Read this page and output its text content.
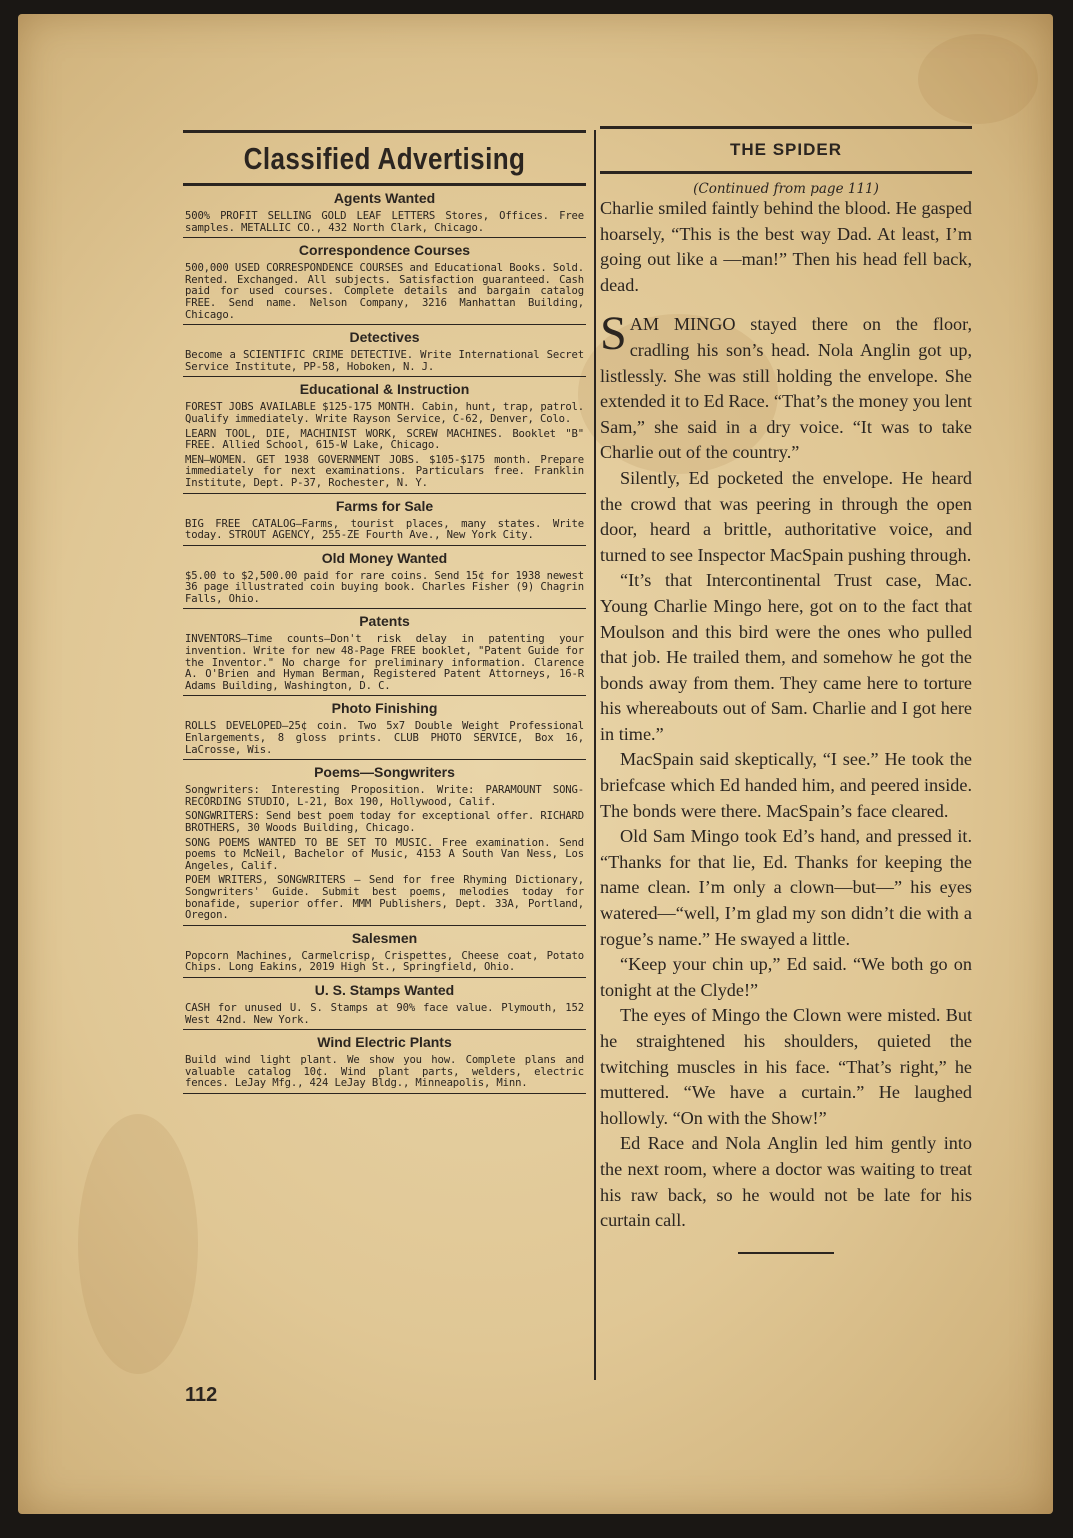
Classified Advertising
Agents Wanted
500% PROFIT SELLING GOLD LEAF LETTERS Stores, Offices. Free samples. METALLIC CO., 432 North Clark, Chicago.
Correspondence Courses
500,000 USED CORRESPONDENCE COURSES and Educational Books. Sold. Rented. Exchanged. All subjects. Satisfaction guaranteed. Cash paid for used courses. Complete details and bargain catalog FREE. Send name. Nelson Company, 3216 Manhattan Building, Chicago.
Detectives
Become a SCIENTIFIC CRIME DETECTIVE. Write International Secret Service Institute, PP-58, Hoboken, N. J.
Educational & Instruction
FOREST JOBS AVAILABLE $125-175 MONTH. Cabin, hunt, trap, patrol. Qualify immediately. Write Rayson Service, C-62, Denver, Colo.
LEARN TOOL, DIE, MACHINIST WORK, SCREW MACHINES. Booklet "B" FREE. Allied School, 615-W Lake, Chicago.
MEN—WOMEN. GET 1938 GOVERNMENT JOBS. $105-$175 month. Prepare immediately for next examinations. Particulars free. Franklin Institute, Dept. P-37, Rochester, N. Y.
Farms for Sale
BIG FREE CATALOG—Farms, tourist places, many states. Write today. STROUT AGENCY, 255-ZE Fourth Ave., New York City.
Old Money Wanted
$5.00 to $2,500.00 paid for rare coins. Send 15¢ for 1938 newest 36 page illustrated coin buying book. Charles Fisher (9) Chagrin Falls, Ohio.
Patents
INVENTORS—Time counts—Don't risk delay in patenting your invention. Write for new 48-Page FREE booklet, "Patent Guide for the Inventor." No charge for preliminary information. Clarence A. O'Brien and Hyman Berman, Registered Patent Attorneys, 16-R Adams Building, Washington, D. C.
Photo Finishing
ROLLS DEVELOPED—25¢ coin. Two 5x7 Double Weight Professional Enlargements, 8 gloss prints. CLUB PHOTO SERVICE, Box 16, LaCrosse, Wis.
Poems—Songwriters
Songwriters: Interesting Proposition. Write: PARAMOUNT SONG-RECORDING STUDIO, L-21, Box 190, Hollywood, Calif.
SONGWRITERS: Send best poem today for exceptional offer. RICHARD BROTHERS, 30 Woods Building, Chicago.
SONG POEMS WANTED TO BE SET TO MUSIC. Free examination. Send poems to McNeil, Bachelor of Music, 4153 A South Van Ness, Los Angeles, Calif.
POEM WRITERS, SONGWRITERS — Send for free Rhyming Dictionary, Songwriters' Guide. Submit best poems, melodies today for bonafide, superior offer. MMM Publishers, Dept. 33A, Portland, Oregon.
Salesmen
Popcorn Machines, Carmelcrisp, Crispettes, Cheese coat, Potato Chips. Long Eakins, 2019 High St., Springfield, Ohio.
U. S. Stamps Wanted
CASH for unused U. S. Stamps at 90% face value. Plymouth, 152 West 42nd. New York.
Wind Electric Plants
Build wind light plant. We show you how. Complete plans and valuable catalog 10¢. Wind plant parts, welders, electric fences. LeJay Mfg., 424 LeJay Bldg., Minneapolis, Minn.
112
THE SPIDER
(Continued from page 111)

Charlie smiled faintly behind the blood. He gasped hoarsely, “This is the best way Dad. At least, I’m going out like a —man!” Then his head fell back, dead.

SAM MINGO stayed there on the floor, cradling his son’s head. Nola Anglin got up, listlessly. She was still holding the envelope. She extended it to Ed Race. “That’s the money you lent Sam,” she said in a dry voice. “It was to take Charlie out of the country.”

Silently, Ed pocketed the envelope. He heard the crowd that was peering in through the open door, heard a brittle, authoritative voice, and turned to see Inspector MacSpain pushing through.

“It’s that Intercontinental Trust case, Mac. Young Charlie Mingo here, got on to the fact that Moulson and this bird were the ones who pulled that job. He trailed them, and somehow he got the bonds away from them. They came here to torture his whereabouts out of Sam. Charlie and I got here in time.”

MacSpain said skeptically, “I see.” He took the briefcase which Ed handed him, and peered inside. The bonds were there. MacSpain’s face cleared.

Old Sam Mingo took Ed’s hand, and pressed it. “Thanks for that lie, Ed. Thanks for keeping the name clean. I’m only a clown—but—” his eyes watered—“well, I’m glad my son didn’t die with a rogue’s name.” He swayed a little.

“Keep your chin up,” Ed said. “We both go on tonight at the Clyde!”

The eyes of Mingo the Clown were misted. But he straightened his shoulders, quieted the twitching muscles in his face. “That’s right,” he muttered. “We have a curtain.” He laughed hollowly. “On with the Show!”

Ed Race and Nola Anglin led him gently into the next room, where a doctor was waiting to treat his raw back, so he would not be late for his curtain call.
